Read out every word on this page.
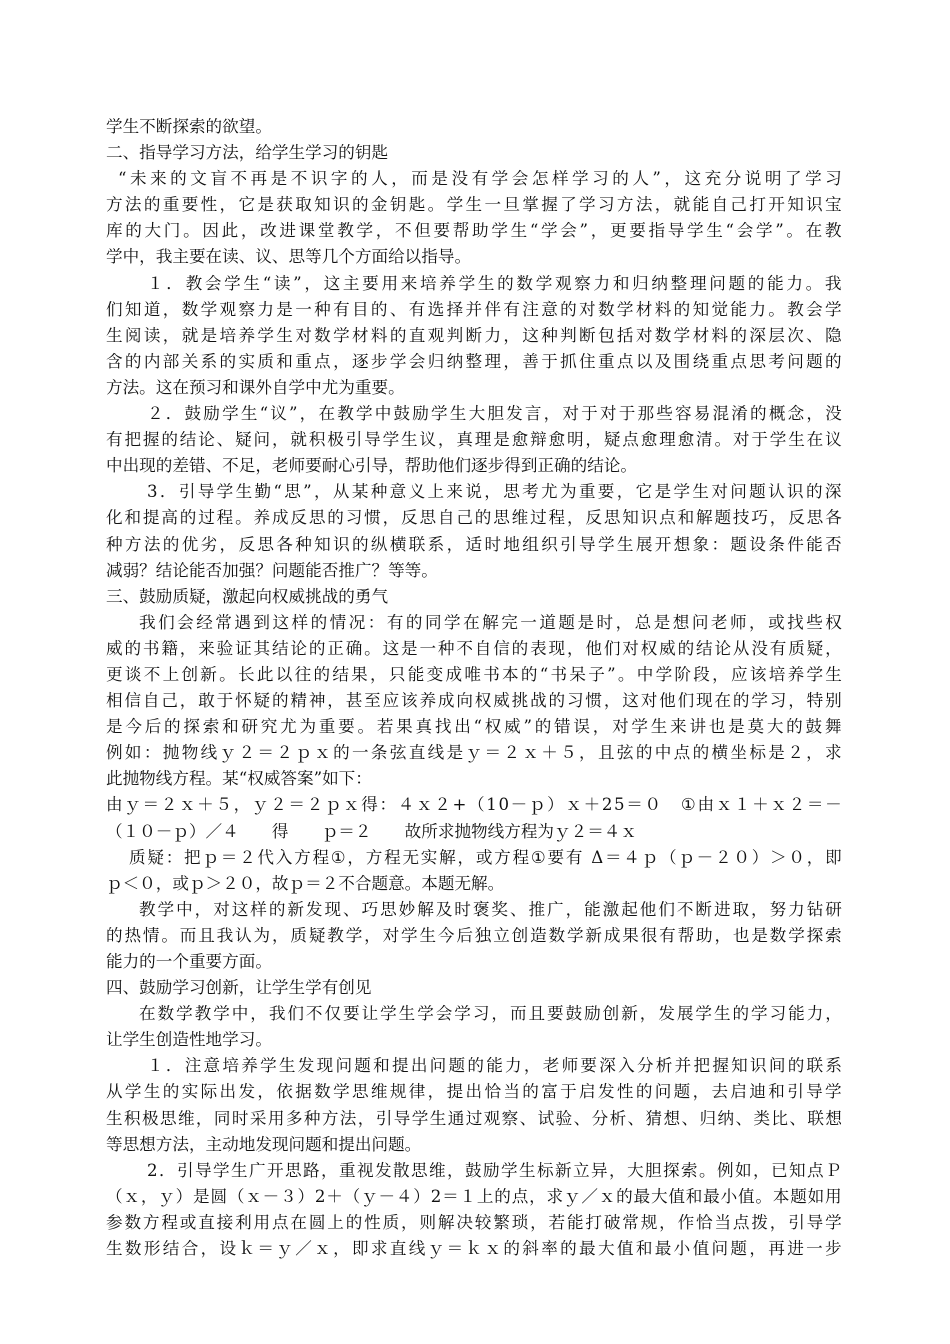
学生不断探索的欲望。
二、指导学习方法，给学生学习的钥匙
“ 未 来 的 文 盲 不 再 是 不 识 字 的 人 ， 而 是 没 有 学 会 怎 样 学 习 的 人 ” ， 这 充 分 说 明 了 学 习
方 法 的 重 要 性 ， 它 是 获 取 知 识 的 金 钥 匙 。 学 生 一 旦 掌 握 了 学 习 方 法 ， 就 能 自 己 打 开 知 识 宝
库 的 大 门 。 因 此 ， 改 进 课 堂 教 学 ， 不 但 要 帮 助 学 生 “ 学 会 ” ， 更 要 指 导 学 生 “ 会 学 ” 。 在 教
学中，我主要在读、议、思等几个方面给以指导。
１ ． 教 会 学 生 “ 读 ” ， 这 主 要 用 来 培 养 学 生 的 数 学 观 察 力 和 归 纳 整 理 问 题 的 能 力 。 我
们 知 道 ， 数 学 观 察 力 是 一 种 有 目 的 、 有 选 择 并 伴 有 注 意 的 对 数 学 材 料 的 知 觉 能 力 。 教 会 学
生 阅 读 ， 就 是 培 养 学 生 对 数 学 材 料 的 直 观 判 断 力 ， 这 种 判 断 包 括 对 数 学 材 料 的 深 层 次 、 隐
含 的 内 部 关 系 的 实 质 和 重 点 ， 逐 步 学 会 归 纳 整 理 ， 善 于 抓 住 重 点 以 及 围 绕 重 点 思 考 问 题 的
方法。这在预习和课外自学中尤为重要。
２ ． 鼓 励 学 生 “ 议 ” ， 在 教 学 中 鼓 励 学 生 大 胆 发 言 ， 对 于 对 于 那 些 容 易 混 淆 的 概 念 ， 没
有 把 握 的 结 论 、 疑 问 ， 就 积 极 引 导 学 生 议 ， 真 理 是 愈 辩 愈 明 ， 疑 点 愈 理 愈 清 。 对 于 学 生 在 议
中出现的差错、不足，老师要耐心引导，帮助他们逐步得到正确的结论。
3 ． 引 导 学 生 勤 “ 思 ” ， 从 某 种 意 义 上 来 说 ， 思 考 尤 为 重 要 ， 它 是 学 生 对 问 题 认 识 的 深
化 和 提 高 的 过 程 。 养 成 反 思 的 习 惯 ， 反 思 自 己 的 思 维 过 程 ， 反 思 知 识 点 和 解 题 技 巧 ， 反 思 各
种 方 法 的 优 劣 ， 反 思 各 种 知 识 的 纵 横 联 系 ， 适 时 地 组 织 引 导 学 生 展 开 想 象 ： 题 设 条 件 能 否
减弱？结论能否加强？问题能否推广？等等。
三、鼓励质疑，激起向权威挑战的勇气
我 们 会 经 常 遇 到 这 样 的 情 况 ： 有 的 同 学 在 解 完 一 道 题 是 时 ， 总 是 想 问 老 师 ， 或 找 些 权
威 的 书 籍 ， 来 验 证 其 结 论 的 正 确 。 这 是 一 种 不 自 信 的 表 现 ， 他 们 对 权 威 的 结 论 从 没 有 质 疑 ，
更 谈 不 上 创 新 。 长 此 以 往 的 结 果 ， 只 能 变 成 唯 书 本 的 “ 书 呆 子 ” 。 中 学 阶 段 ， 应 该 培 养 学 生
相 信 自 己 ， 敢 于 怀 疑 的 精 神 ， 甚 至 应 该 养 成 向 权 威 挑 战 的 习 惯 ， 这 对 他 们 现 在 的 学 习 ， 特 别
是 今 后 的 探 索 和 研 究 尤 为 重 要 。 若 果 真 找 出 “ 权 威 ” 的 错 误 ， 对 学 生 来 讲 也 是 莫 大 的 鼓 舞
例 如 ： 抛 物 线 ｙ ２ ＝ ２ ｐ ｘ 的 一 条 弦 直 线 是 ｙ ＝ ２ ｘ ＋ ５ ， 且 弦 的 中 点 的 横 坐 标 是 ２ ， 求
此抛物线方程。某“权威答案”如下：
由 ｙ ＝ ２ ｘ ＋ ５ ， ｙ ２ ＝ ２ ｐ ｘ 得 ： ４ ｘ ２ + （ 1 0 － ｐ ） ｘ ＋ 2 5 ＝ ０
　 ① 由 ｘ １ ＋ ｘ ２ ＝ －
（１０－ｐ）／４　　得　　ｐ＝２　　故所求抛物线方程为ｙ２＝４ｘ
质 疑 ： 把 ｐ ＝ ２ 代 入 方 程 ① ， 方 程 无 实 解 ， 或 方 程 ① 要 有
Δ ＝ ４ ｐ （ ｐ － ２ ０ ） ＞ ０ ， 即
ｐ＜０，或ｐ＞２０，故ｐ＝２不合题意。本题无解。
教 学 中 ， 对 这 样 的 新 发 现 、 巧 思 妙 解 及 时 褒 奖 、 推 广 ， 能 激 起 他 们 不 断 进 取 ， 努 力 钻 研
的 热 情 。 而 且 我 认 为 ， 质 疑 教 学 ， 对 学 生 今 后 独 立 创 造 数 学 新 成 果 很 有 帮 助 ， 也 是 数 学 探 索
能力的一个重要方面。
四、鼓励学习创新，让学生学有创见
在 数 学 教 学 中 ， 我 们 不 仅 要 让 学 生 学 会 学 习 ， 而 且 要 鼓 励 创 新 ， 发 展 学 生 的 学 习 能 力 ，
让学生创造性地学习。
１ ． 注 意 培 养 学 生 发 现 问 题 和 提 出 问 题 的 能 力 ， 老 师 要 深 入 分 析 并 把 握 知 识 间 的 联 系
从 学 生 的 实 际 出 发 ， 依 据 数 学 思 维 规 律 ， 提 出 恰 当 的 富 于 启 发 性 的 问 题 ， 去 启 迪 和 引 导 学
生 积 极 思 维 ， 同 时 采 用 多 种 方 法 ， 引 导 学 生 通 过 观 察 、 试 验 、 分 析 、 猜 想 、 归 纳 、 类 比 、 联 想
等思想方法，主动地发现问题和提出问题。
2 ． 引 导 学 生 广 开 思 路 ， 重 视 发 散 思 维 ， 鼓 励 学 生 标 新 立 异 ， 大 胆 探 索 。 例 如 ， 已 知 点 Ｐ
（ ｘ ， ｙ ） 是 圆 （ ｘ － ３ ） 2 ＋ （ ｙ － ４ ） 2 ＝ １ 上 的 点 ， 求 ｙ ／ ｘ 的 最 大 值 和 最 小 值 。 本 题 如 用
参 数 方 程 或 直 接 利 用 点 在 圆 上 的 性 质 ， 则 解 决 较 繁 琐 ， 若 能 打 破 常 规 ， 作 恰 当 点 拨 ， 引 导 学
生 数 形 结 合 ， 设 ｋ ＝ ｙ ／ ｘ ， 即 求 直 线 ｙ ＝ ｋ ｘ 的 斜 率 的 最 大 值 和 最 小 值 问 题 ， 再 进 一 步
